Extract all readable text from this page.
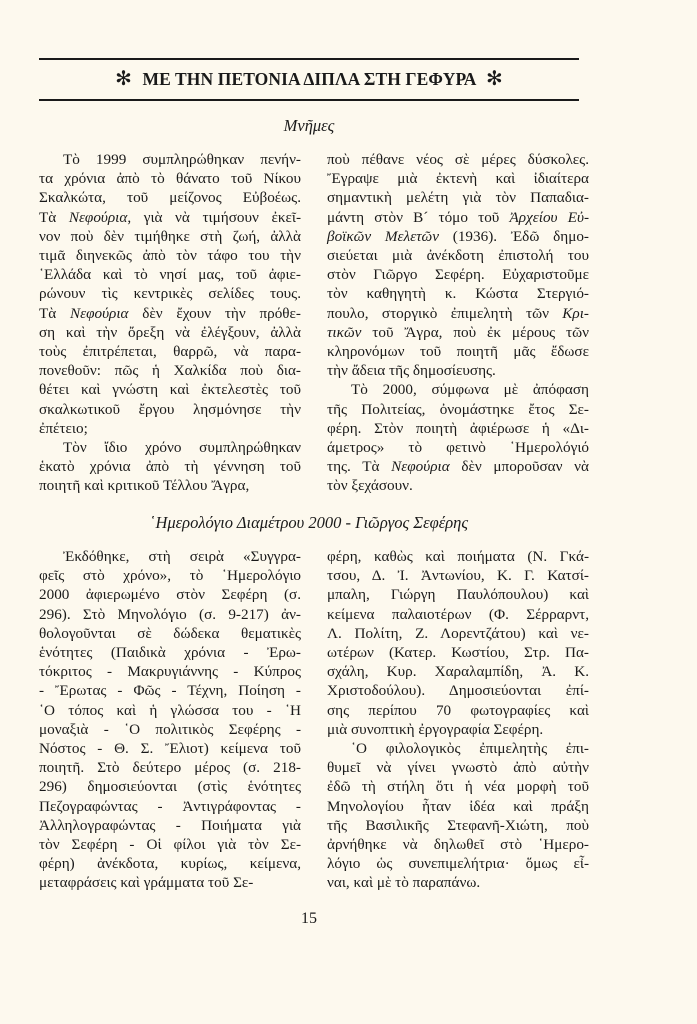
✻ ΜΕ ΤΗΝ ΠΕΤΟΝΙΑ ΔΙΠΛΑ ΣΤΗ ΓΕΦΥΡΑ ✻
Μνῆμες
Τὸ 1999 συμπληρώθηκαν πενήν-
τα χρόνια ἀπὸ τὸ θάνατο τοῦ Νίκου
Σκαλκώτα, τοῦ μείζονος Εὐβοέως.
Τὰ Νεφούρια, γιὰ νὰ τιμήσουν ἐκεῖ-
νον ποὺ δὲν τιμήθηκε στὴ ζωή, ἀλλὰ
τιμᾶ διηνεκῶς ἀπὸ τὸν τάφο του τὴν
῾Ελλάδα καὶ τὸ νησί μας, τοῦ ἀφιε-
ρώνουν τὶς κεντρικὲς σελίδες τους.
Τὰ Νεφούρια δὲν ἔχουν τὴν πρόθε-
ση καὶ τὴν ὄρεξη νὰ ἐλέγξουν, ἀλλὰ
τοὺς ἐπιτρέπεται, θαρρῶ, νὰ παρα-
πονεθοῦν: πῶς ἡ Χαλκίδα ποὺ δια-
θέτει καὶ γνώστη καὶ ἐκτελεστὲς τοῦ
σκαλκωτικοῦ ἔργου λησμόνησε τὴν
ἐπέτειο;
Τὸν ἴδιο χρόνο συμπληρώθηκαν
ἑκατὸ χρόνια ἀπὸ τὴ γέννηση τοῦ
ποιητῆ καὶ κριτικοῦ Τέλλου Ἄγρα,
ποὺ πέθανε νέος σὲ μέρες δύσκολες.
Ἔγραψε μιὰ ἐκτενὴ καὶ ἰδιαίτερα
σημαντικὴ μελέτη γιὰ τὸν Παπαδια-
μάντη στὸν Β´ τόμο τοῦ Ἀρχείου Εὐ-
βοϊκῶν Μελετῶν (1936). Ἐδῶ δημο-
σιεύεται μιὰ ἀνέκδοτη ἐπιστολή του
στὸν Γιῶργο Σεφέρη. Εὐχαριστοῦμε
τὸν καθηγητὴ κ. Κώστα Στεργιό-
πουλο, στοργικὸ ἐπιμελητὴ τῶν Κρι-
τικῶν τοῦ Ἄγρα, ποὺ ἐκ μέρους τῶν
κληρονόμων τοῦ ποιητῆ μᾶς ἔδωσε
τὴν ἄδεια τῆς δημοσίευσης.
Τὸ 2000, σύμφωνα μὲ ἀπόφαση
τῆς Πολιτείας, ὀνομάστηκε ἔτος Σε-
φέρη. Στὸν ποιητὴ ἀφιέρωσε ἡ «Δι-
άμετρος» τὸ φετινὸ ῾Ημερολόγιό
της. Τὰ Νεφούρια δὲν μποροῦσαν νὰ
τὸν ξεχάσουν.
῾Ημερολόγιο Διαμέτρου 2000 - Γιῶργος Σεφέρης
Ἐκδόθηκε, στὴ σειρὰ «Συγγρα-
φεῖς στὸ χρόνο», τὸ ῾Ημερολόγιο
2000 ἀφιερωμένο στὸν Σεφέρη (σ.
296). Στὸ Μηνολόγιο (σ. 9-217) ἀν-
θολογοῦνται σὲ δώδεκα θεματικὲς
ἑνότητες (Παιδικὰ χρόνια - Ἐρω-
τόκριτος - Μακρυγιάννης - Κύπρος
- Ἔρωτας - Φῶς - Τέχνη, Ποίηση -
῾Ο τόπος καὶ ἡ γλώσσα του - ῾Η
μοναξιὰ - ῾Ο πολιτικὸς Σεφέρης -
Νόστος - Θ. Σ. Ἔλιοτ) κείμενα τοῦ
ποιητῆ. Στὸ δεύτερο μέρος (σ. 218-
296) δημοσιεύονται (στὶς ἑνότητες
Πεζογραφώντας - Ἀντιγράφοντας -
Ἀλληλογραφώντας - Ποιήματα γιὰ
τὸν Σεφέρη - Οἱ φίλοι γιὰ τὸν Σε-
φέρη) ἀνέκδοτα, κυρίως, κείμενα,
μεταφράσεις καὶ γράμματα τοῦ Σε-
φέρη, καθὼς καὶ ποιήματα (Ν. Γκά-
τσου, Δ. Ἰ. Ἀντωνίου, Κ. Γ. Κατσί-
μπαλη, Γιώργη Παυλόπουλου) καὶ
κείμενα παλαιοτέρων (Φ. Σέρραρντ,
Λ. Πολίτη, Ζ. Λορεντζάτου) καὶ νε-
ωτέρων (Κατερ. Κωστίου, Στρ. Πα-
σχάλη, Κυρ. Χαραλαμπίδη, Ἀ. Κ.
Χριστοδούλου). Δημοσιεύονται ἐπί-
σης περίπου 70 φωτογραφίες καὶ
μιὰ συνοπτικὴ ἐργογραφία Σεφέρη.
῾Ο φιλολογικὸς ἐπιμελητὴς ἐπι-
θυμεῖ νὰ γίνει γνωστὸ ἀπὸ αὐτὴν
ἐδῶ τὴ στήλη ὅτι ἡ νέα μορφὴ τοῦ
Μηνολογίου ἦταν ἰδέα καὶ πράξη
τῆς Βασιλικῆς Στεφανῆ-Χιώτη, ποὺ
ἀρνήθηκε νὰ δηλωθεῖ στὸ ῾Ημερο-
λόγιο ὡς συνεπιμελήτρια· ὅμως εἶ-
ναι, καὶ μὲ τὸ παραπάνω.
15
